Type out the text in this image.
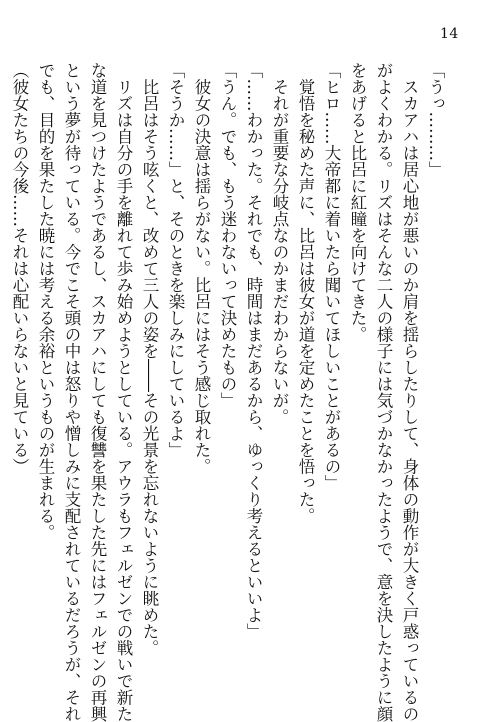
14
「うっ………」
　スカアハは居心地が悪いのか肩を揺らしたりして、身体の動作が大きく戸惑っているの
がよくわかる。リズはそんな二人の様子には気づかなかったようで、意を決したように顔
をあげると比呂に紅瞳を向けてきた。
「ヒロ……大帝都に着いたら聞いてほしいことがあるの」
　覚悟を秘めた声に、比呂は彼女が道を定めたことを悟った。
　それが重要な分岐点なのかまだわからないが。
「……わかった。それでも、時間はまだあるから、ゆっくり考えるといいよ」
「うん。でも、もう迷わないって決めたもの」
　彼女の決意は揺らがない。比呂にはそう感じ取れた。
「そうか……」と、そのときを楽しみにしているよ」
　比呂はそう呟くと、改めて三人の姿を――その光景を忘れないように眺めた。
　リズは自分の手を離れて歩み始めようとしている。アウラもフェルゼンでの戦いで新た
な道を見つけたようであるし、スカアハにしても復讐を果たした先にはフェルゼンの再興
という夢が待っている。今でこそ頭の中は怒りや憎しみに支配されているだろうが、それ
でも、目的を果たした暁には考える余裕というものが生まれる。
（彼女たちの今後……それは心配いらないと見ている）
